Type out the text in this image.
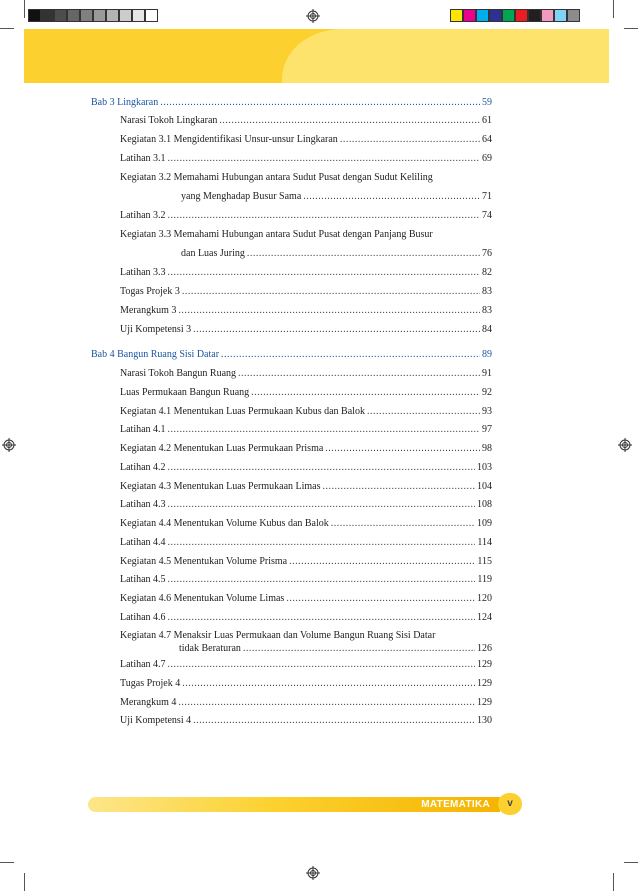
Bab 3 Lingkaran .....	59
Narasi Tokoh Lingkaran .....	61
Kegiatan 3.1 Mengidentifikasi Unsur-unsur Lingkaran .....	64
Latihan 3.1 .....	69
Kegiatan 3.2 Memahami Hubungan antara Sudut Pusat dengan Sudut Keliling
yang Menghadap Busur Sama .....	71
Latihan 3.2 .....	74
Kegiatan 3.3 Memahami Hubungan antara Sudut Pusat dengan Panjang Busur
dan Luas Juring .....	76
Latihan 3.3 .....	82
Togas Projek 3 .....	83
Merangkum 3 .....	83
Uji Kompetensi 3 .....	84
Bab 4 Bangun Ruang Sisi Datar .....	89
Narasi Tokoh Bangun Ruang .....	91
Luas Permukaan Bangun Ruang .....	92
Kegiatan 4.1 Menentukan Luas Permukaan Kubus dan Balok .....	93
Latihan 4.1 .....	97
Kegiatan 4.2 Menentukan Luas Permukaan Prisma .....	98
Latihan 4.2 .....	103
Kegiatan 4.3 Menentukan Luas Permukaan Limas .....	104
Latihan 4.3 .....	108
Kegiatan 4.4 Menentukan Volume Kubus dan Balok .....	109
Latihan 4.4 .....	114
Kegiatan 4.5 Menentukan Volume Prisma .....	115
Latihan 4.5 .....	119
Kegiatan 4.6 Menentukan Volume Limas .....	120
Latihan 4.6 .....	124
Kegiatan 4.7 Menaksir Luas Permukaan dan Volume Bangun Ruang Sisi Datar
tidak Beraturan .....	126
Latihan 4.7 .....	129
Tugas Projek 4 .....	129
Merangkum 4 .....	129
Uji Kompetensi 4 .....	130
MATEMATIKA	v
